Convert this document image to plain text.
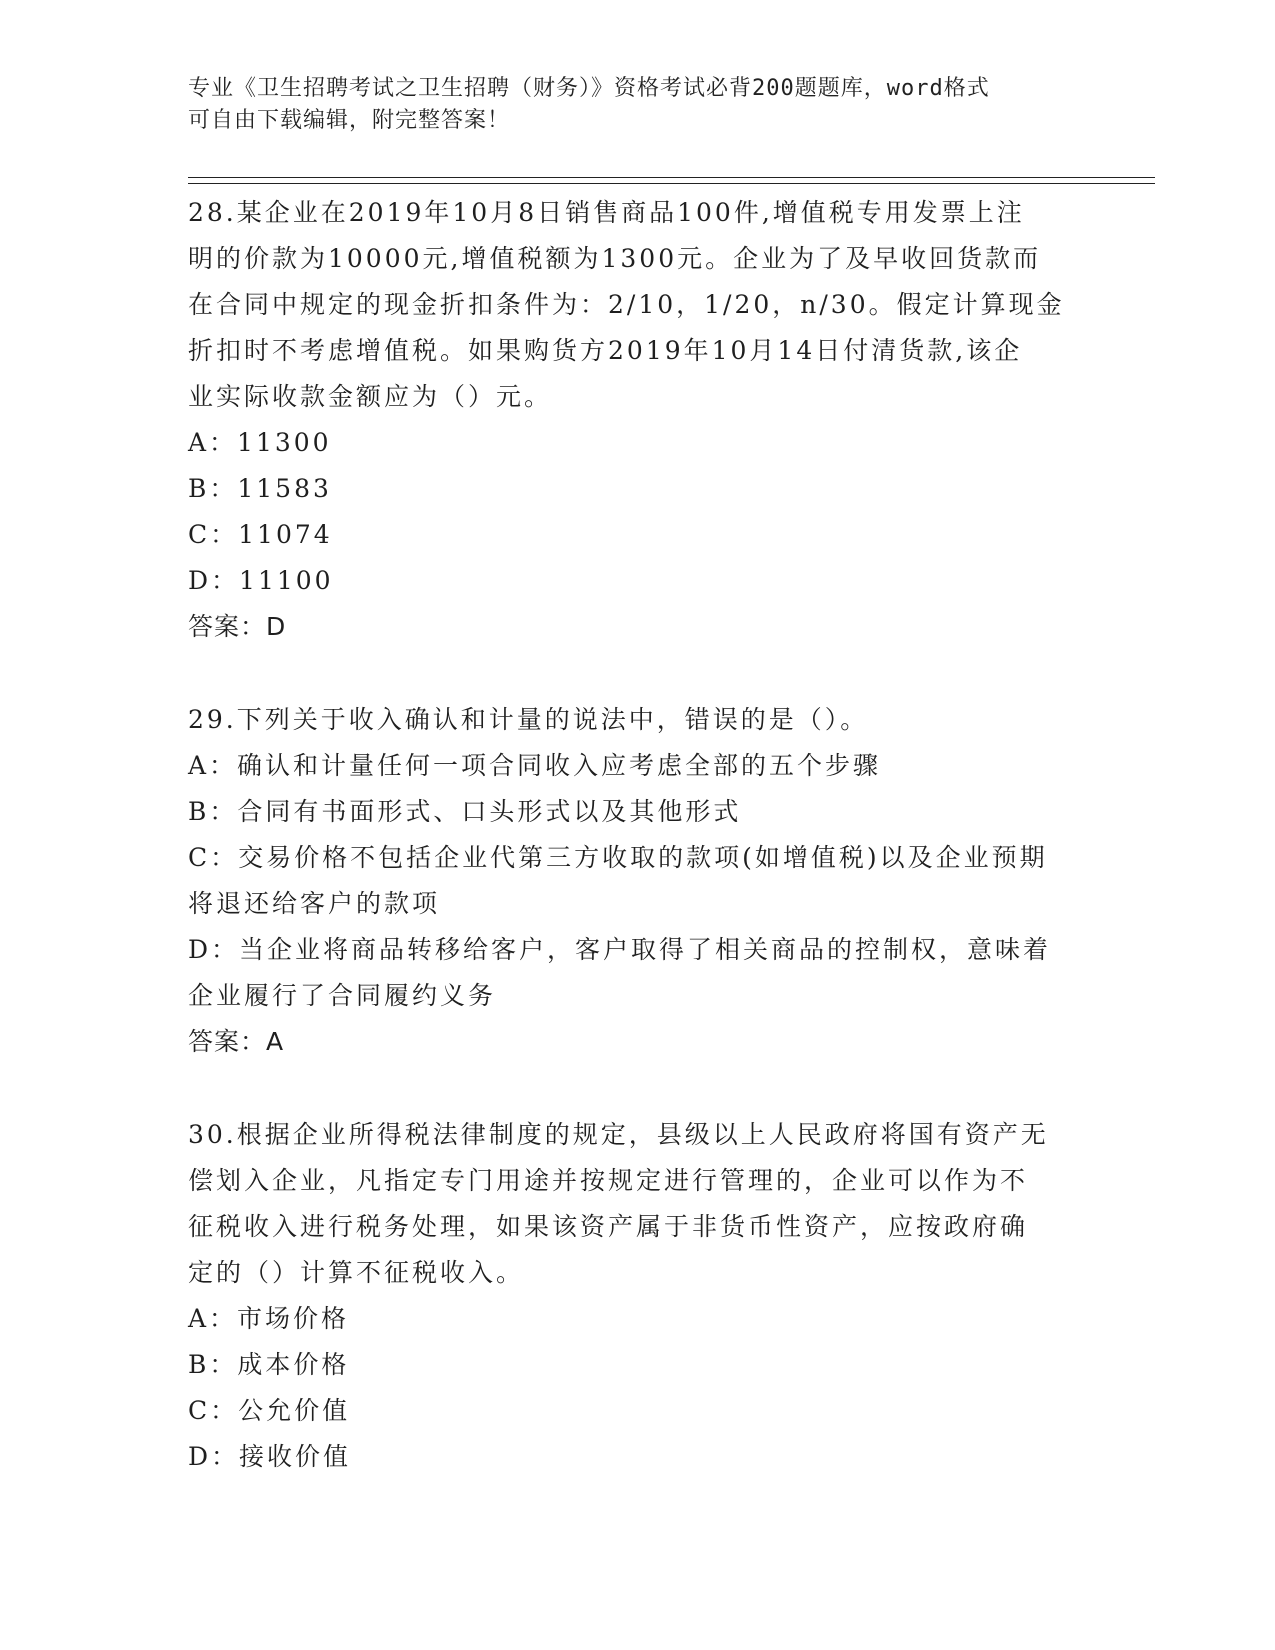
专业《卫生招聘考试之卫生招聘（财务）》资格考试必背200题题库，word格式
可自由下载编辑，附完整答案！
28.某企业在2019年10月8日销售商品100件,增值税专用发票上注
明的价款为10000元,增值税额为1300元。企业为了及早收回货款而
在合同中规定的现金折扣条件为：2/10，1/20，n/30。假定计算现金
折扣时不考虑增值税。如果购货方2019年10月14日付清货款,该企
业实际收款金额应为（）元。
A：11300
B：11583
C：11074
D：11100
答案：D
29.下列关于收入确认和计量的说法中，错误的是（）。
A：确认和计量任何一项合同收入应考虑全部的五个步骤
B：合同有书面形式、口头形式以及其他形式
C：交易价格不包括企业代第三方收取的款项(如增值税)以及企业预期
将退还给客户的款项
D：当企业将商品转移给客户，客户取得了相关商品的控制权，意味着
企业履行了合同履约义务
答案：A
30.根据企业所得税法律制度的规定，县级以上人民政府将国有资产无
偿划入企业，凡指定专门用途并按规定进行管理的，企业可以作为不
征税收入进行税务处理，如果该资产属于非货币性资产，应按政府确
定的（）计算不征税收入。
A：市场价格
B：成本价格
C：公允价值
D：接收价值
